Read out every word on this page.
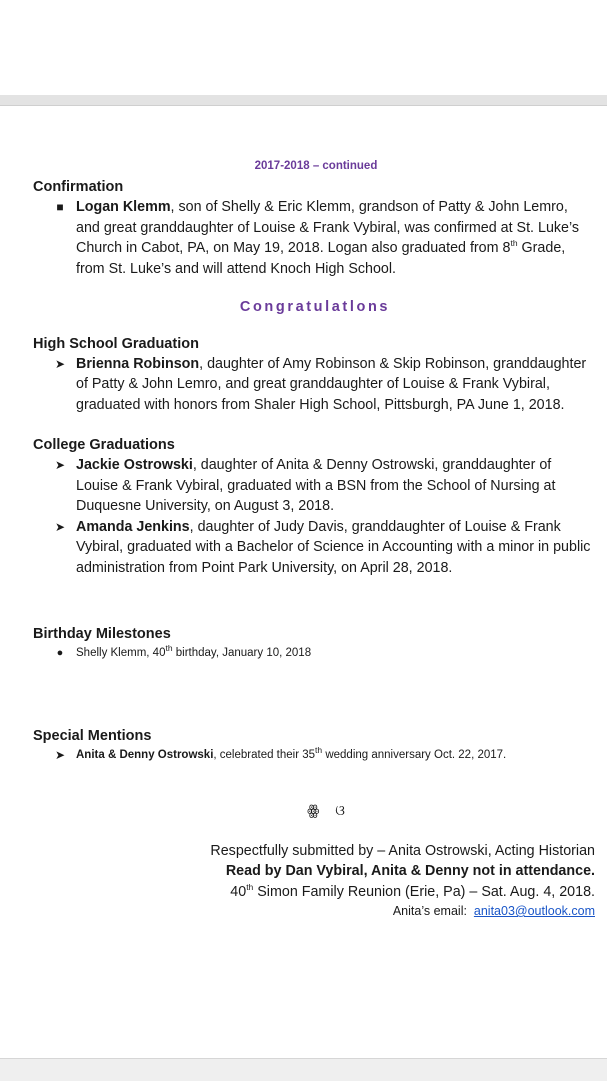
2017-2018 – continued
Confirmation
■ Logan Klemm, son of Shelly & Eric Klemm, grandson of Patty & John Lemro, and great granddaughter of Louise & Frank Vybiral, was confirmed at St. Luke’s Church in Cabot, PA, on May 19, 2018. Logan also graduated from 8th Grade, from St. Luke’s and will attend Knoch High School.
Congratulatlons
High School Graduation
➤ Brienna Robinson, daughter of Amy Robinson & Skip Robinson, granddaughter of Patty & John Lemro, and great granddaughter of Louise & Frank Vybiral, graduated with honors from Shaler High School, Pittsburgh, PA June 1, 2018.
College Graduations
➤ Jackie Ostrowski, daughter of Anita & Denny Ostrowski, granddaughter of Louise & Frank Vybiral, graduated with a BSN from the School of Nursing at Duquesne University, on August 3, 2018.
➤ Amanda Jenkins, daughter of Judy Davis, granddaughter of Louise & Frank Vybiral, graduated with a Bachelor of Science in Accounting with a minor in public administration from Point Park University, on April 28, 2018.
Birthday Milestones
●	Shelly Klemm, 40th birthday, January 10, 2018
Special Mentions
➤ Anita & Denny Ostrowski, celebrated their 35th wedding anniversary Oct. 22, 2017.
ꙮ ଓ
Respectfully submitted by – Anita Ostrowski, Acting Historian
Read by Dan Vybiral, Anita & Denny not in attendance.
40th Simon Family Reunion (Erie, Pa) – Sat. Aug. 4, 2018.
Anita’s email: anita03@outlook.com
